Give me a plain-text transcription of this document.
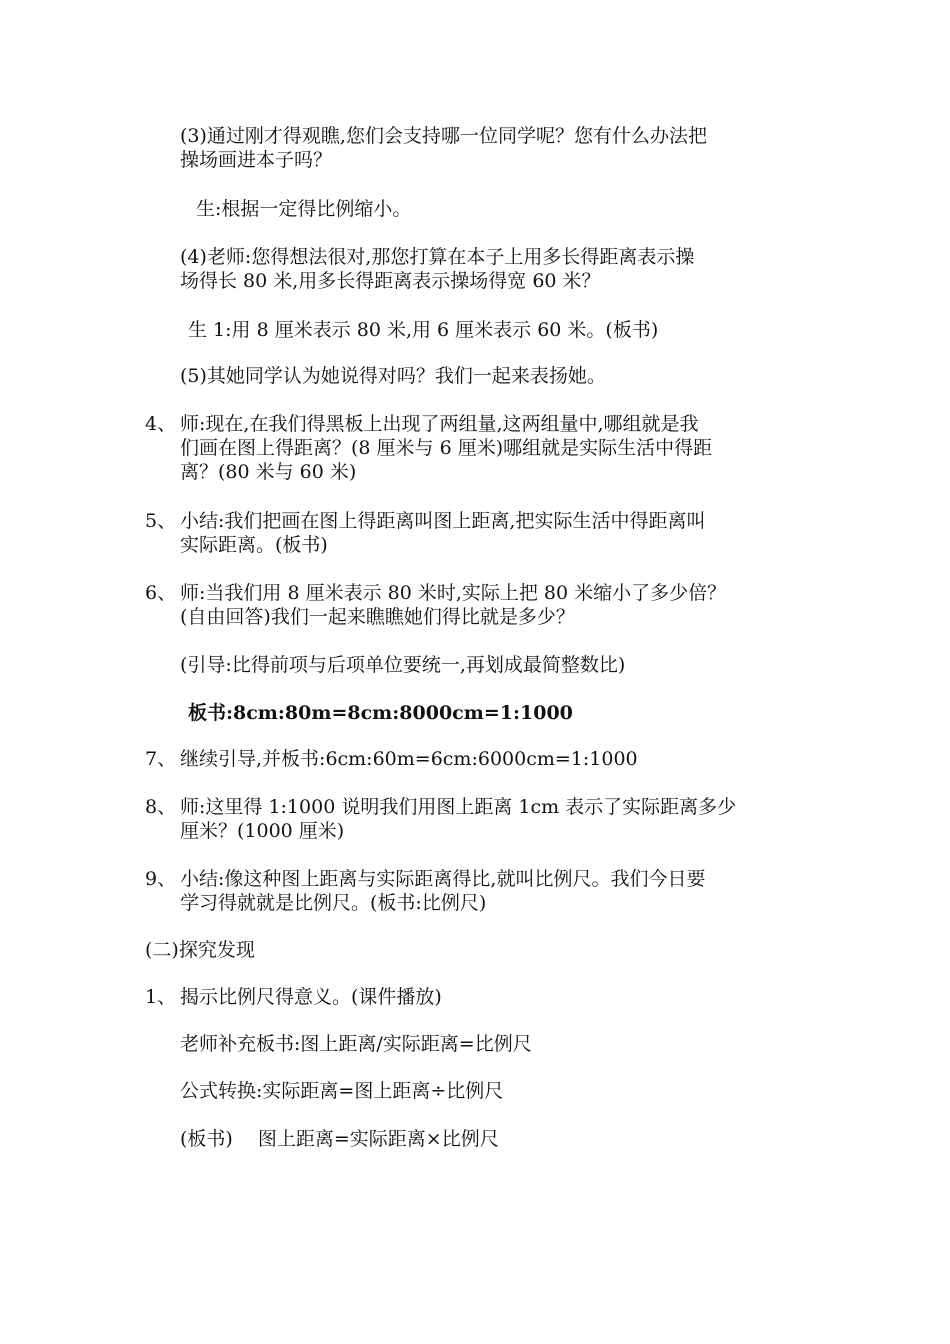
(3)通过刚才得观瞧,您们会支持哪一位同学呢？您有什么办法把
操场画进本子吗？
生:根据一定得比例缩小。
(4)老师:您得想法很对,那您打算在本子上用多长得距离表示操
场得长 80 米,用多长得距离表示操场得宽 60 米？
生 1:用 8 厘米表示 80 米,用 6 厘米表示 60 米。(板书)
(5)其她同学认为她说得对吗？我们一起来表扬她。
4、 师:现在,在我们得黑板上出现了两组量,这两组量中,哪组就是我
们画在图上得距离？(8 厘米与 6 厘米)哪组就是实际生活中得距
离？(80 米与 60 米)
5、 小结:我们把画在图上得距离叫图上距离,把实际生活中得距离叫
实际距离。(板书)
6、 师:当我们用 8 厘米表示 80 米时,实际上把 80 米缩小了多少倍？
(自由回答)我们一起来瞧瞧她们得比就是多少？
(引导:比得前项与后项单位要统一,再划成最简整数比)
板书:8cm:80m=8cm:8000cm=1:1000
7、 继续引导,并板书:6cm:60m=6cm:6000cm=1:1000
8、 师:这里得 1:1000 说明我们用图上距离 1cm 表示了实际距离多少
厘米？(1000 厘米)
9、 小结:像这种图上距离与实际距离得比,就叫比例尺。我们今日要
学习得就就是比例尺。(板书:比例尺)
(二)探究发现
1、 揭示比例尺得意义。(课件播放)
老师补充板书:图上距离/实际距离=比例尺
公式转换:实际距离=图上距离÷比例尺
(板书)　 图上距离=实际距离×比例尺
